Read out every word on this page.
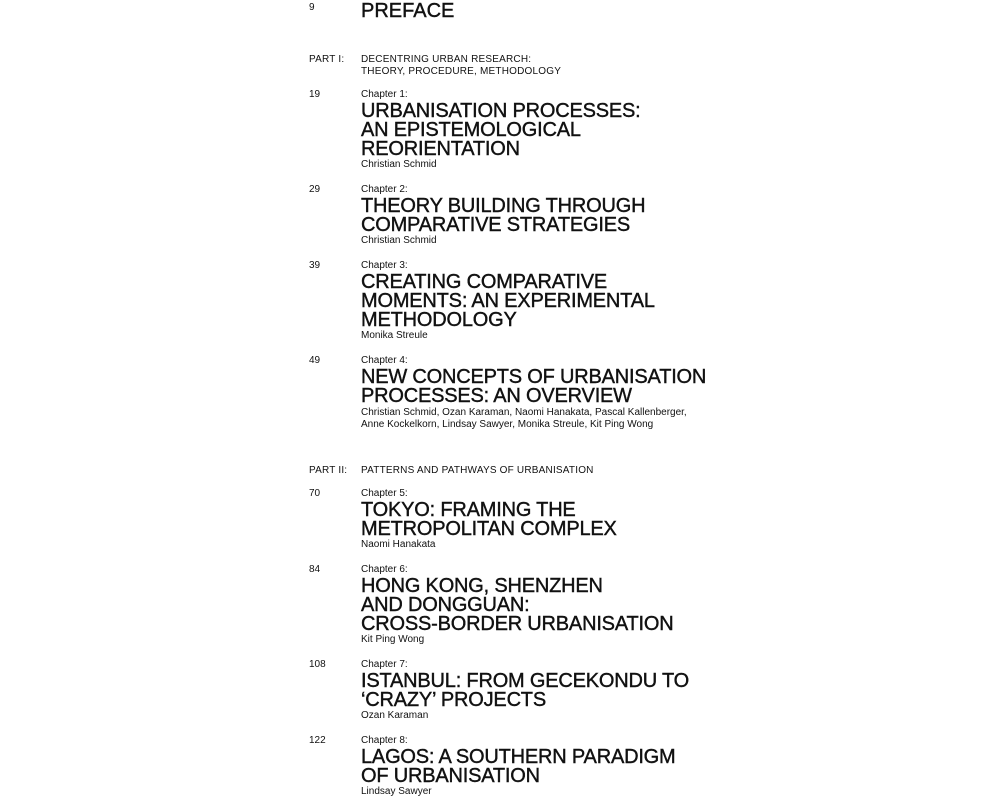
9 PREFACE
PART I: DECENTRING URBAN RESEARCH:
THEORY, PROCEDURE, METHODOLOGY
19	Chapter 1:
URBANISATION PROCESSES:
AN EPISTEMOLOGICAL
REORIENTATION
Christian Schmid
29	Chapter 2:
THEORY BUILDING THROUGH
COMPARATIVE STRATEGIES
Christian Schmid
39	Chapter 3:
CREATING COMPARATIVE
MOMENTS: AN EXPERIMENTAL
METHODOLOGY
Monika Streule
49	Chapter 4:
NEW CONCEPTS OF URBANISATION
PROCESSES: AN OVERVIEW
Christian Schmid, Ozan Karaman, Naomi Hanakata, Pascal Kallenberger,
Anne Kockelkorn, Lindsay Sawyer, Monika Streule, Kit Ping Wong
PART II: PATTERNS AND PATHWAYS OF URBANISATION
70	Chapter 5:
TOKYO: FRAMING THE
METROPOLITAN COMPLEX
Naomi Hanakata
84	Chapter 6:
HONG KONG, SHENZHEN
AND DONGGUAN:
CROSS-BORDER URBANISATION
Kit Ping Wong
108	Chapter 7:
ISTANBUL: FROM GECEKONDU TO
‘CRAZY’ PROJECTS
Ozan Karaman
122	Chapter 8:
LAGOS: A SOUTHERN PARADIGM
OF URBANISATION
Lindsay Sawyer
